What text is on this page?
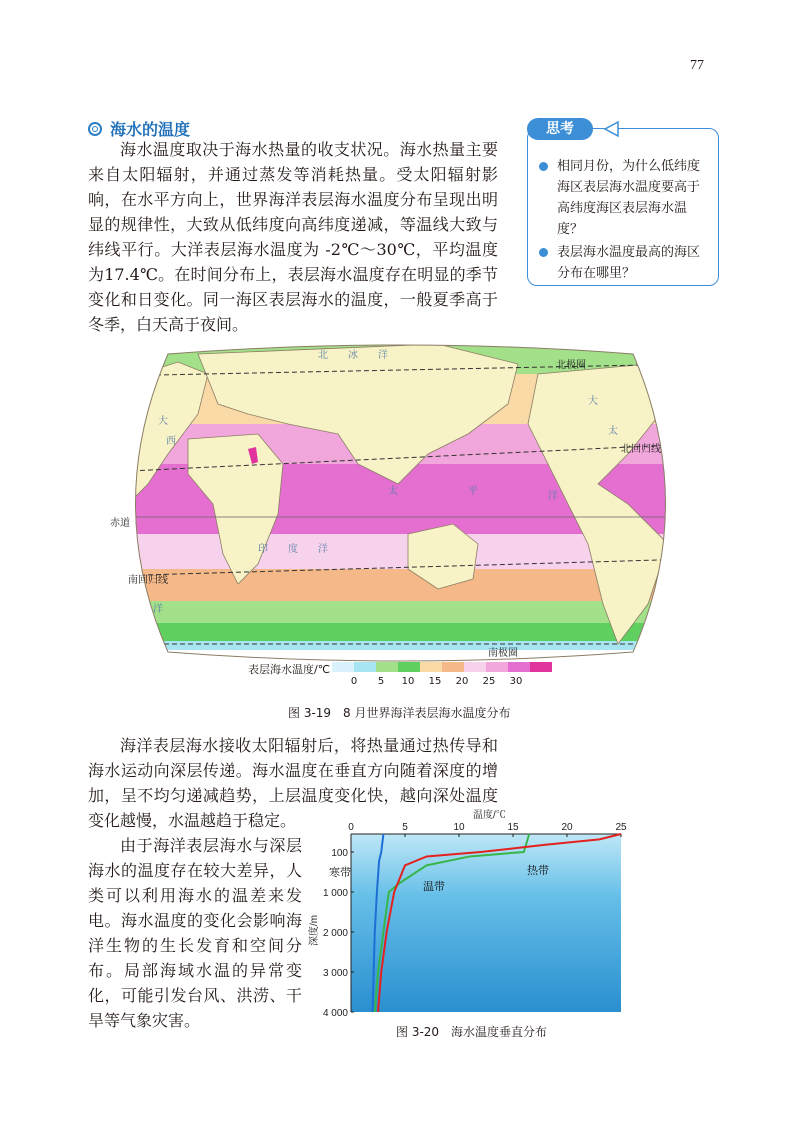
77
海水的温度

海水温度取决于海水热量的收支状况。海水热量主要来自太阳辐射，并通过蒸发等消耗热量。受太阳辐射影响，在水平方向上，世界海洋表层海水温度分布呈现出明显的规律性，大致从低纬度向高纬度递减，等温线大致与纬线平行。大洋表层海水温度为 -2℃～30℃，平均温度为17.4℃。在时间分布上，表层海水温度存在明显的季节变化和日变化。同一海区表层海水的温度，一般夏季高于冬季，白天高于夜间。

思考
相同月份，为什么低纬度海区表层海水温度要高于高纬度海区表层海水温度？
表层海水温度最高的海区分布在哪里？
北极圈
北回归线
赤道
南回归线
南极圈
太	平	洋
大
太
印 度 洋
北 冰 洋
大
西
洋
表层海水温度/℃
0 5 10 15 20 25 30
图 3-19　8 月世界海洋表层海水温度分布

海洋表层海水接收太阳辐射后，将热量通过热传导和海水运动向深层传递。海水温度在垂直方向随着深度的增加，呈不均匀递减趋势，上层温度变化快，越向深处温度变化越慢，水温越趋于稳定。

由于海洋表层海水与深层海水的温度存在较大差异，人类可以利用海水的温差来发电。海水温度的变化会影响海洋生物的生长发育和空间分布。局部海域水温的异常变化，可能引发台风、洪涝、干旱等气象灾害。

温度/℃
深度/m
0	5	10	15	20	25
100
1 000
2 000
3 000
4 000
寒带
温带
热带
图 3-20　海水温度垂直分布
